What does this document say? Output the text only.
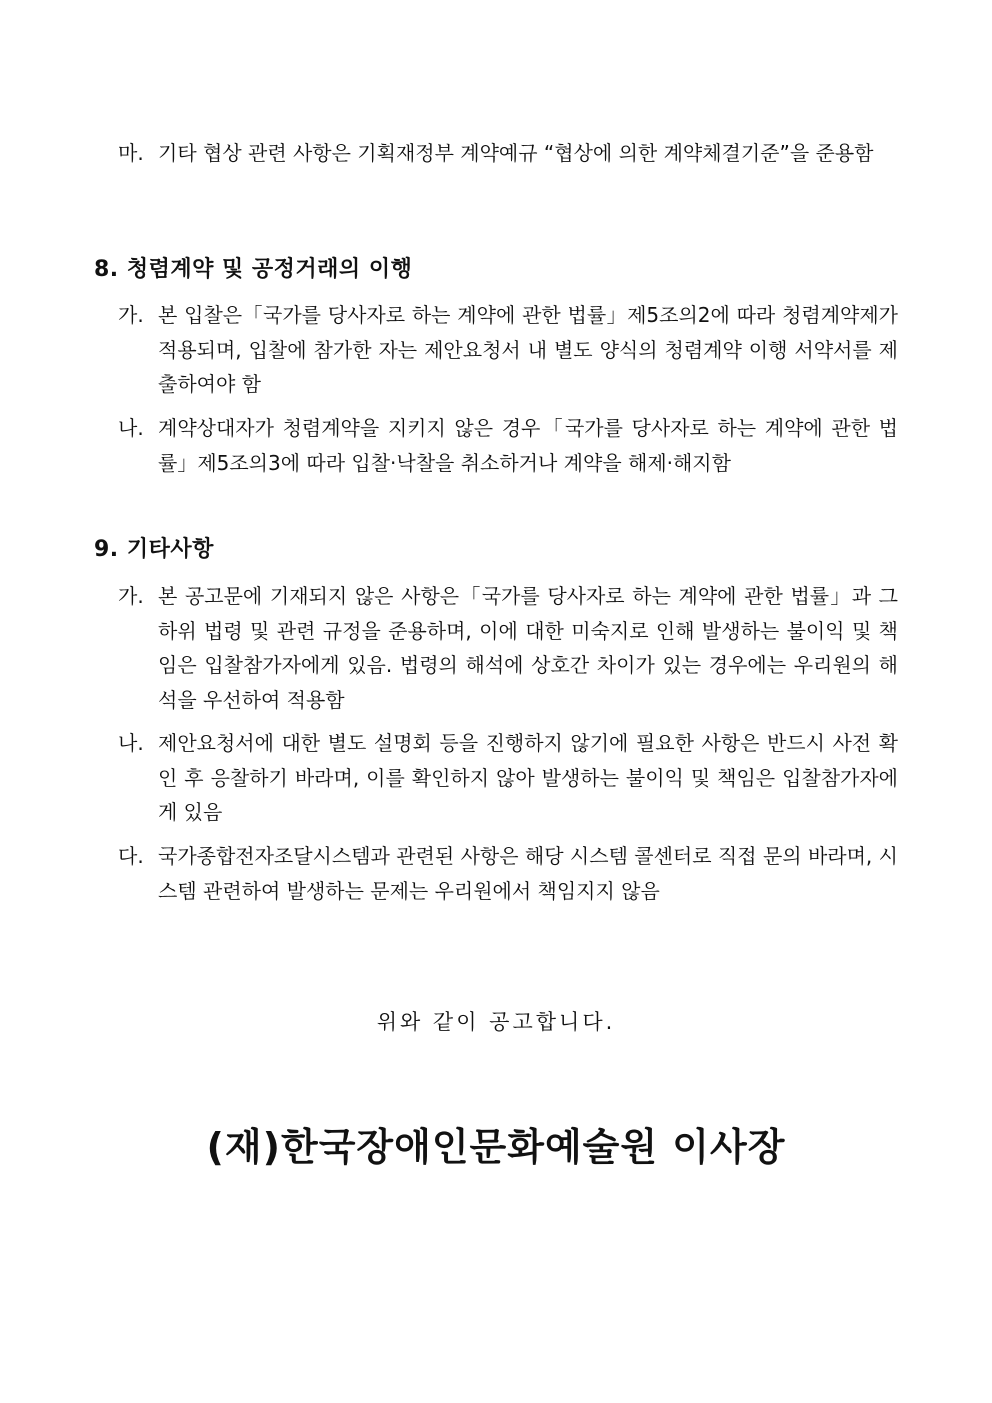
마. 기타 협상 관련 사항은 기획재정부 계약예규 “협상에 의한 계약체결기준”을 준용함
8. 청렴계약 및 공정거래의 이행
가. 본 입찰은「국가를 당사자로 하는 계약에 관한 법률」제5조의2에 따라 청렴계약제가 적용되며, 입찰에 참가한 자는 제안요청서 내 별도 양식의 청렴계약 이행 서약서를 제출하여야 함
나. 계약상대자가 청렴계약을 지키지 않은 경우「국가를 당사자로 하는 계약에 관한 법률」제5조의3에 따라 입찰·낙찰을 취소하거나 계약을 해제·해지함
9. 기타사항
가. 본 공고문에 기재되지 않은 사항은「국가를 당사자로 하는 계약에 관한 법률」과 그 하위 법령 및 관련 규정을 준용하며, 이에 대한 미숙지로 인해 발생하는 불이익 및 책임은 입찰참가자에게 있음. 법령의 해석에 상호간 차이가 있는 경우에는 우리원의 해석을 우선하여 적용함
나. 제안요청서에 대한 별도 설명회 등을 진행하지 않기에 필요한 사항은 반드시 사전 확인 후 응찰하기 바라며, 이를 확인하지 않아 발생하는 불이익 및 책임은 입찰참가자에게 있음
다. 국가종합전자조달시스템과 관련된 사항은 해당 시스템 콜센터로 직접 문의 바라며, 시스템 관련하여 발생하는 문제는 우리원에서 책임지지 않음
위와 같이 공고합니다.
(재)한국장애인문화예술원 이사장
